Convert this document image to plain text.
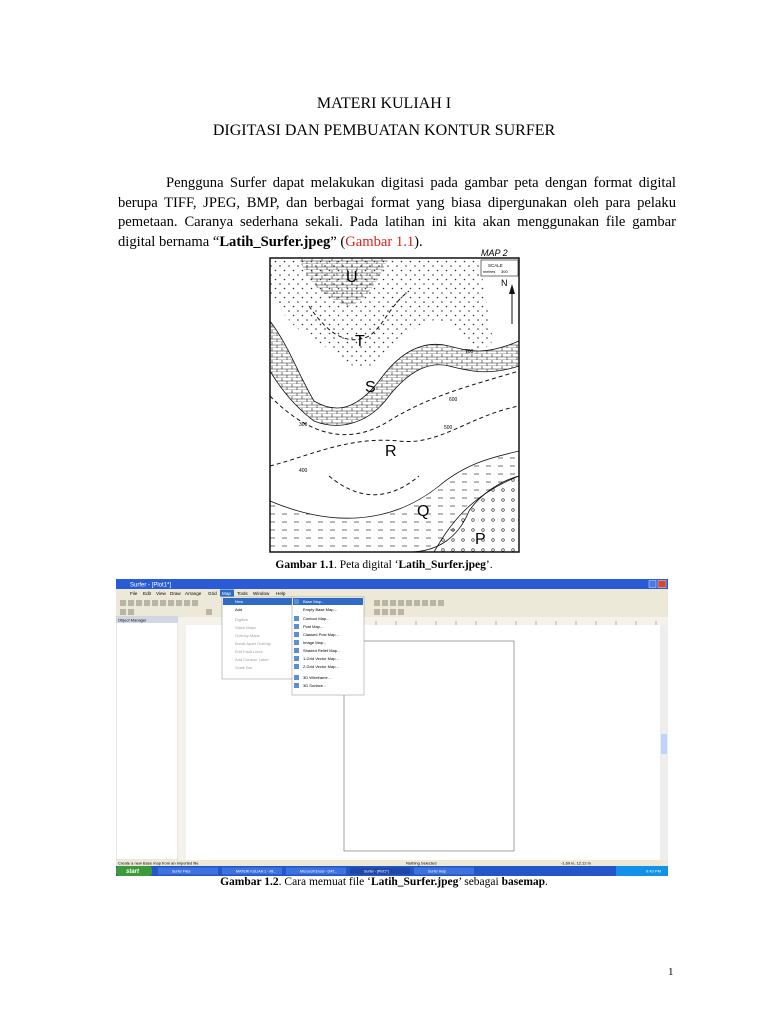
MATERI KULIAH I
DIGITASI DAN PEMBUATAN KONTUR SURFER
Pengguna Surfer dapat melakukan digitasi pada gambar peta dengan format digital berupa TIFF, JPEG, BMP, dan berbagai format yang biasa dipergunakan oleh para pelaku pemetaan. Caranya sederhana sekali. Pada latihan ini kita akan menggunakan file gambar digital bernama “Latih_Surfer.jpeg” (Gambar 1.1).
MAP 2
SCALE
metres 300
N
U
T
S
R
Q
P
700
600
500
400
300
Gambar 1.1. Peta digital ‘Latih_Surfer.jpeg’.
Surfer - [Plot1*]
File Edit View Draw Arrange Grid Map Tools Window Help
Object Manager
New
Add
Digitize
Stack Maps
Overlay Maps
Break Apart Overlay
Edit Fault Lines
Add Contour Label
Scale Bar
Base Map...
Empty Base Map...
Contour Map...
Post Map...
Classed Post Map...
Image Map...
Shaded Relief Map...
1-Grid Vector Map...
2-Grid Vector Map...
3D Wireframe...
3D Surface...
Create a new Base map from an imported file	Nothing Selected	-1.69 in, 12.12 in
start	Surfer Files	MATERI KULIAH 1 - Mi...	Microsoft Excel - DAT...	Surfer - [Plot1*]	Surfer Help	9:43 PM
Gambar 1.2. Cara memuat file ‘Latih_Surfer.jpeg’ sebagai basemap.
1
